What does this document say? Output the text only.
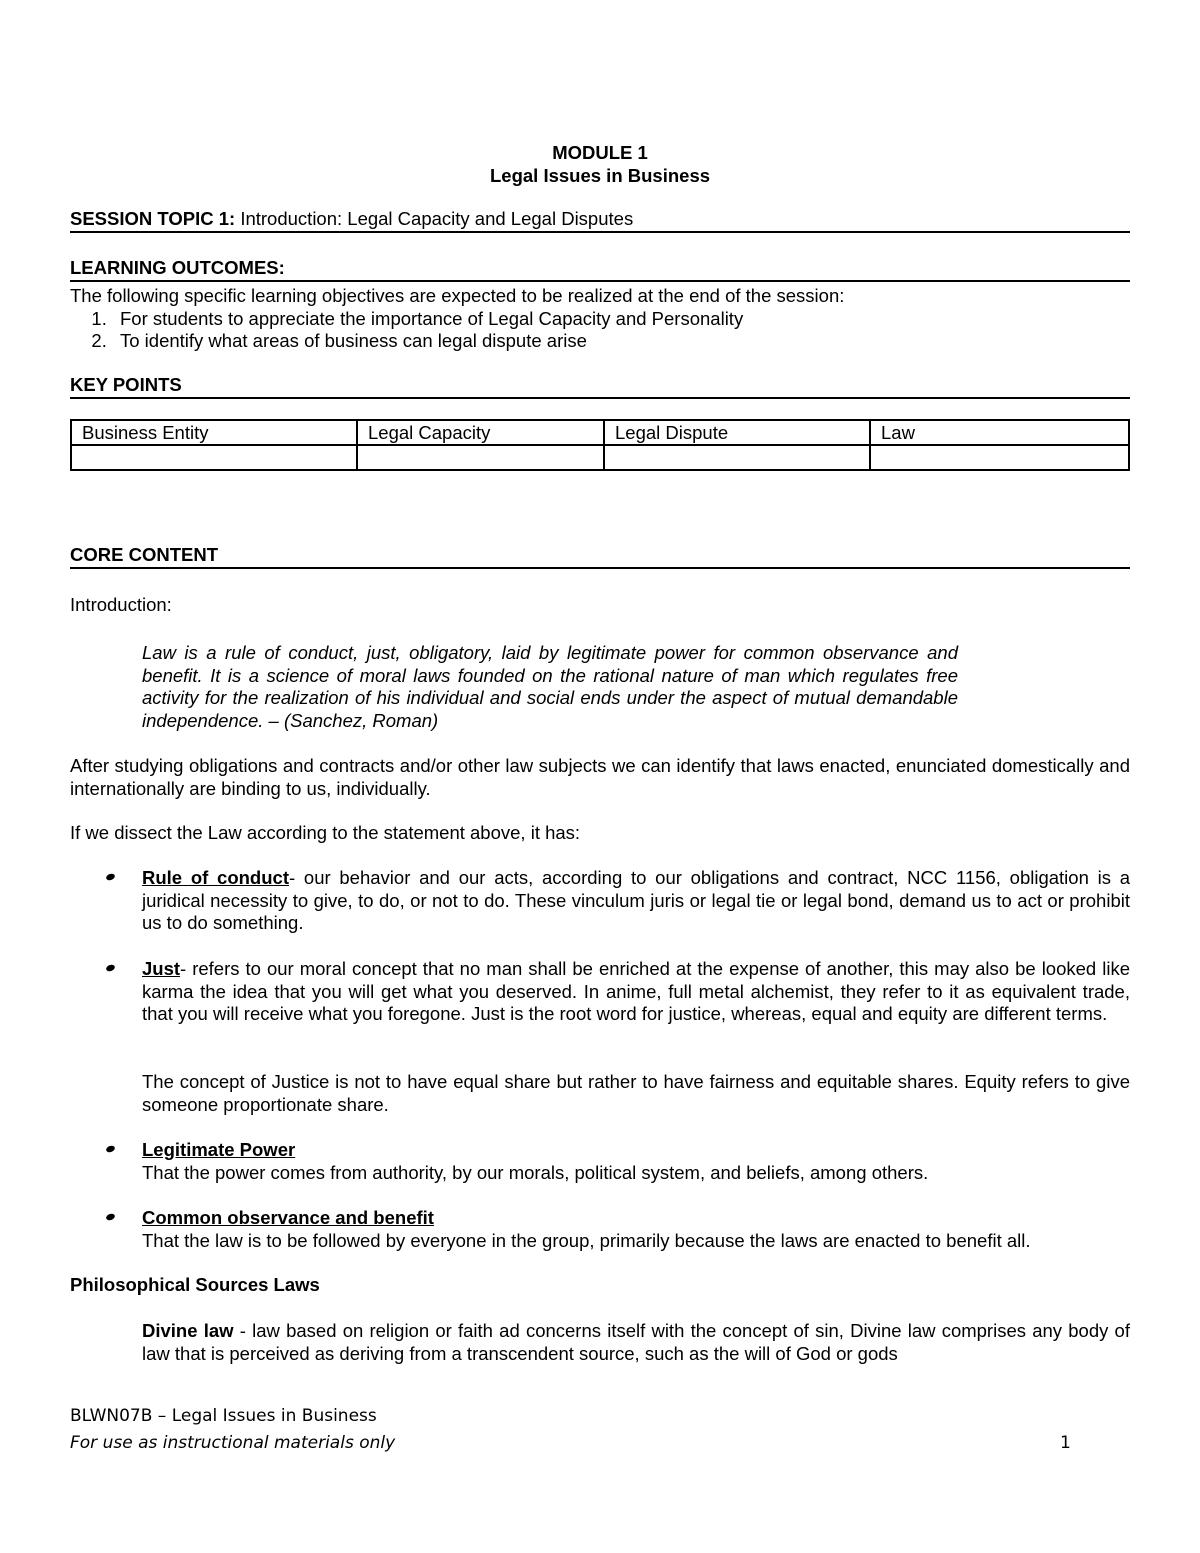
MODULE 1
Legal Issues in Business
SESSION TOPIC 1: Introduction: Legal Capacity and Legal Disputes
LEARNING OUTCOMES:
The following specific learning objectives are expected to be realized at the end of the session:
1. For students to appreciate the importance of Legal Capacity and Personality
2. To identify what areas of business can legal dispute arise
KEY POINTS
Business Entity	Legal Capacity	Legal Dispute	Law

CORE CONTENT
Introduction:
Law is a rule of conduct, just, obligatory, laid by legitimate power for common observance and benefit. It is a science of moral laws founded on the rational nature of man which regulates free activity for the realization of his individual and social ends under the aspect of mutual demandable independence. – (Sanchez, Roman)
After studying obligations and contracts and/or other law subjects we can identify that laws enacted, enunciated domestically and internationally are binding to us, individually.
If we dissect the Law according to the statement above, it has:
Rule of conduct- our behavior and our acts, according to our obligations and contract, NCC 1156, obligation is a juridical necessity to give, to do, or not to do. These vinculum juris or legal tie or legal bond, demand us to act or prohibit us to do something.
Just- refers to our moral concept that no man shall be enriched at the expense of another, this may also be looked like karma the idea that you will get what you deserved. In anime, full metal alchemist, they refer to it as equivalent trade, that you will receive what you foregone. Just is the root word for justice, whereas, equal and equity are different terms.
The concept of Justice is not to have equal share but rather to have fairness and equitable shares. Equity refers to give someone proportionate share.
Legitimate Power
That the power comes from authority, by our morals, political system, and beliefs, among others.
Common observance and benefit
That the law is to be followed by everyone in the group, primarily because the laws are enacted to benefit all.
Philosophical Sources Laws
Divine law - law based on religion or faith ad concerns itself with the concept of sin, Divine law comprises any body of law that is perceived as deriving from a transcendent source, such as the will of God or gods
BLWN07B – Legal Issues in Business
For use as instructional materials only	1
